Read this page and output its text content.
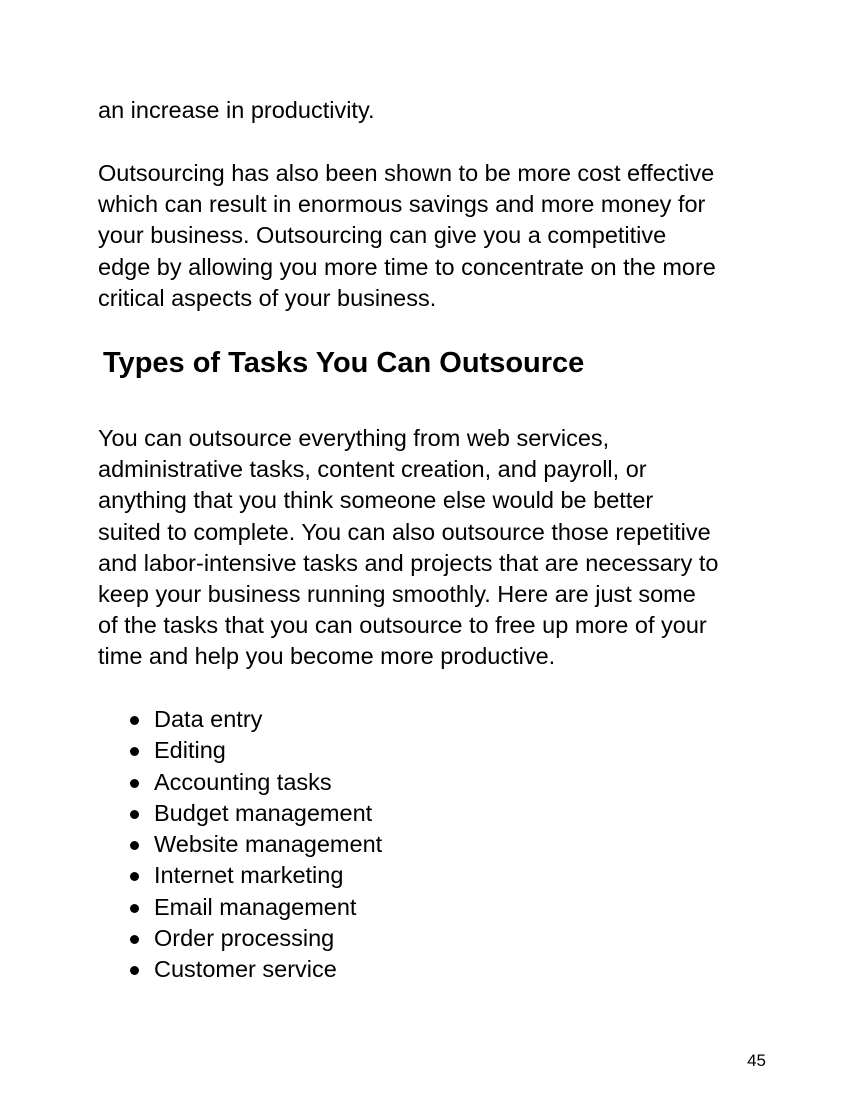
an increase in productivity.

Outsourcing has also been shown to be more cost effective
which can result in enormous savings and more money for
your business. Outsourcing can give you a competitive
edge by allowing you more time to concentrate on the more
critical aspects of your business.

Types of Tasks You Can Outsource

You can outsource everything from web services,
administrative tasks, content creation, and payroll, or
anything that you think someone else would be better
suited to complete. You can also outsource those repetitive
and labor-intensive tasks and projects that are necessary to
keep your business running smoothly. Here are just some
of the tasks that you can outsource to free up more of your
time and help you become more productive.

Data entry
Editing
Accounting tasks
Budget management
Website management
Internet marketing
Email management
Order processing
Customer service
45
